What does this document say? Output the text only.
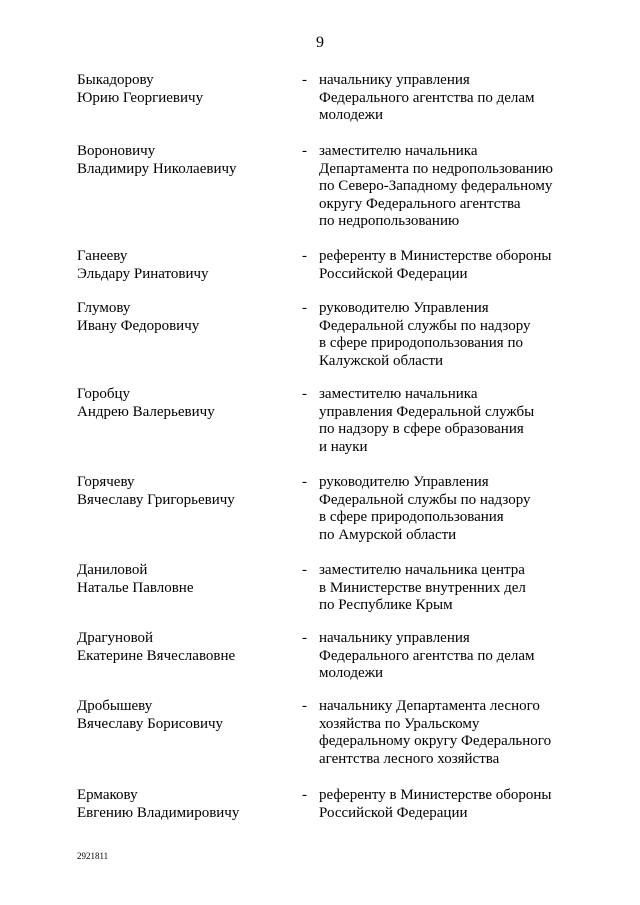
9
Быкадорову
Юрию Георгиевичу
- начальнику управления
Федерального агентства по делам
молодежи
Вороновичу
Владимиру Николаевичу
- заместителю начальника
Департамента по недропользованию
по Северо-Западному федеральному
округу Федерального агентства
по недропользованию
Ганееву
Эльдару Ринатовичу
- референту в Министерстве обороны
Российской Федерации
Глумову
Ивану Федоровичу
- руководителю Управления
Федеральной службы по надзору
в сфере природопользования по
Калужской области
Горобцу
Андрею Валерьевичу
- заместителю начальника
управления Федеральной службы
по надзору в сфере образования
и науки
Горячеву
Вячеславу Григорьевичу
- руководителю Управления
Федеральной службы по надзору
в сфере природопользования
по Амурской области
Даниловой
Наталье Павловне
- заместителю начальника центра
в Министерстве внутренних дел
по Республике Крым
Драгуновой
Екатерине Вячеславовне
- начальнику управления
Федерального агентства по делам
молодежи
Дробышеву
Вячеславу Борисовичу
- начальнику Департамента лесного
хозяйства по Уральскому
федеральному округу Федерального
агентства лесного хозяйства
Ермакову
Евгению Владимировичу
- референту в Министерстве обороны
Российской Федерации
2921811
